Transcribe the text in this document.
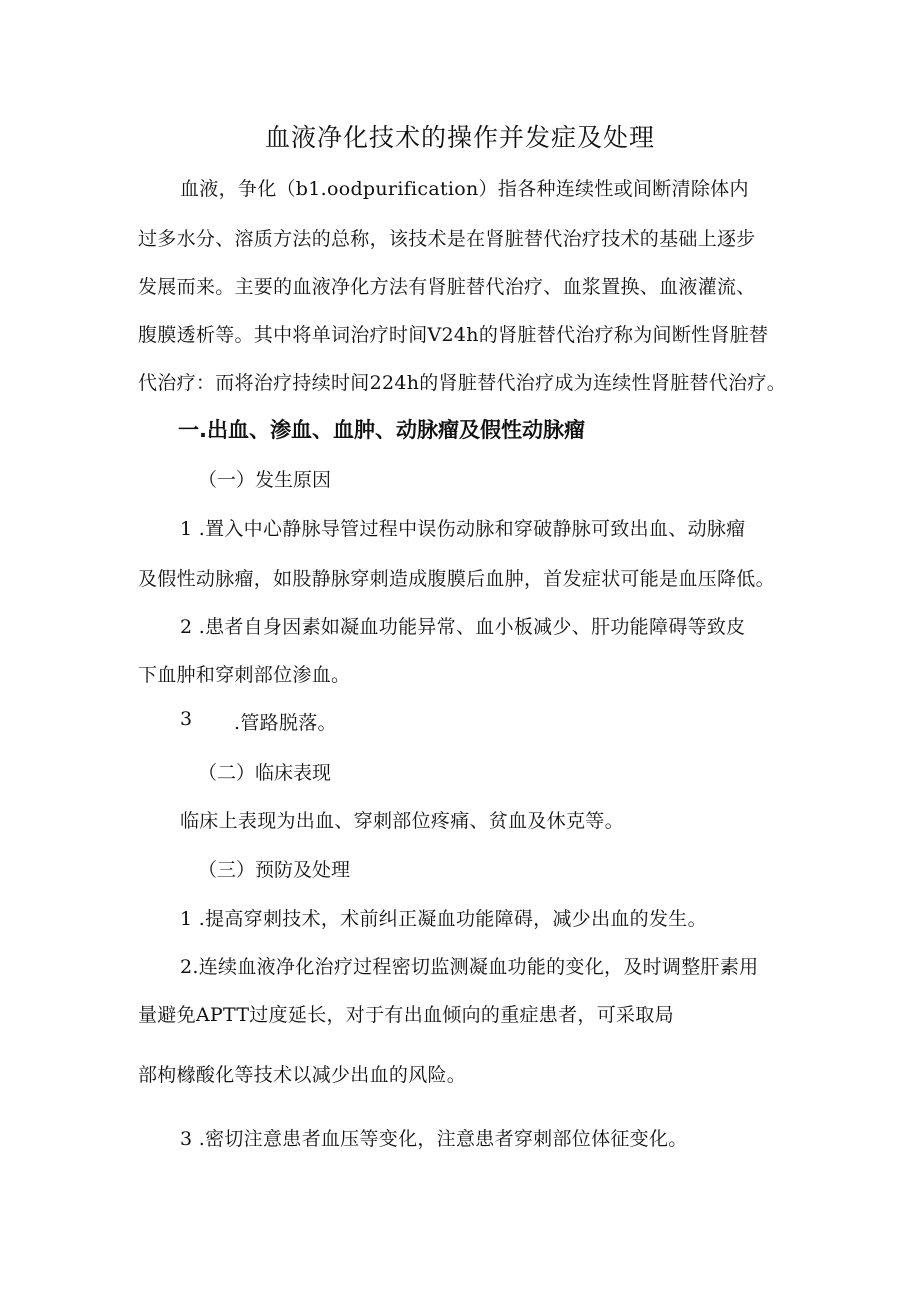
血液净化技术的操作并发症及处理
血液，争化（b1.oodpurification）指各种连续性或间断清除体内
过多水分、溶质方法的总称，该技术是在肾脏替代治疗技术的基础上逐步
发展而来。主要的血液净化方法有肾脏替代治疗、血浆置换、血液灌流、
腹膜透析等。其中将单词治疗时间V24h的肾脏替代治疗称为间断性肾脏替
代治疗：而将治疗持续时间224h的肾脏替代治疗成为连续性肾脏替代治疗。
一.出血、渗血、血肿、动脉瘤及假性动脉瘤
（一）发生原因
1 .置入中心静脉导管过程中误伤动脉和穿破静脉可致出血、动脉瘤
及假性动脉瘤，如股静脉穿刺造成腹膜后血肿，首发症状可能是血压降低。
2 .患者自身因素如凝血功能异常、血小板减少、肝功能障碍等致皮
下血肿和穿刺部位渗血。
3 .管路脱落。
（二）临床表现
临床上表现为出血、穿刺部位疼痛、贫血及休克等。
（三）预防及处理
1 .提高穿刺技术，术前纠正凝血功能障碍，减少出血的发生。
2.连续血液净化治疗过程密切监测凝血功能的变化，及时调整肝素用
量避免APTT过度延长，对于有出血倾向的重症患者，可采取局
部枸橼酸化等技术以减少出血的风险。
3 .密切注意患者血压等变化，注意患者穿刺部位体征变化。
